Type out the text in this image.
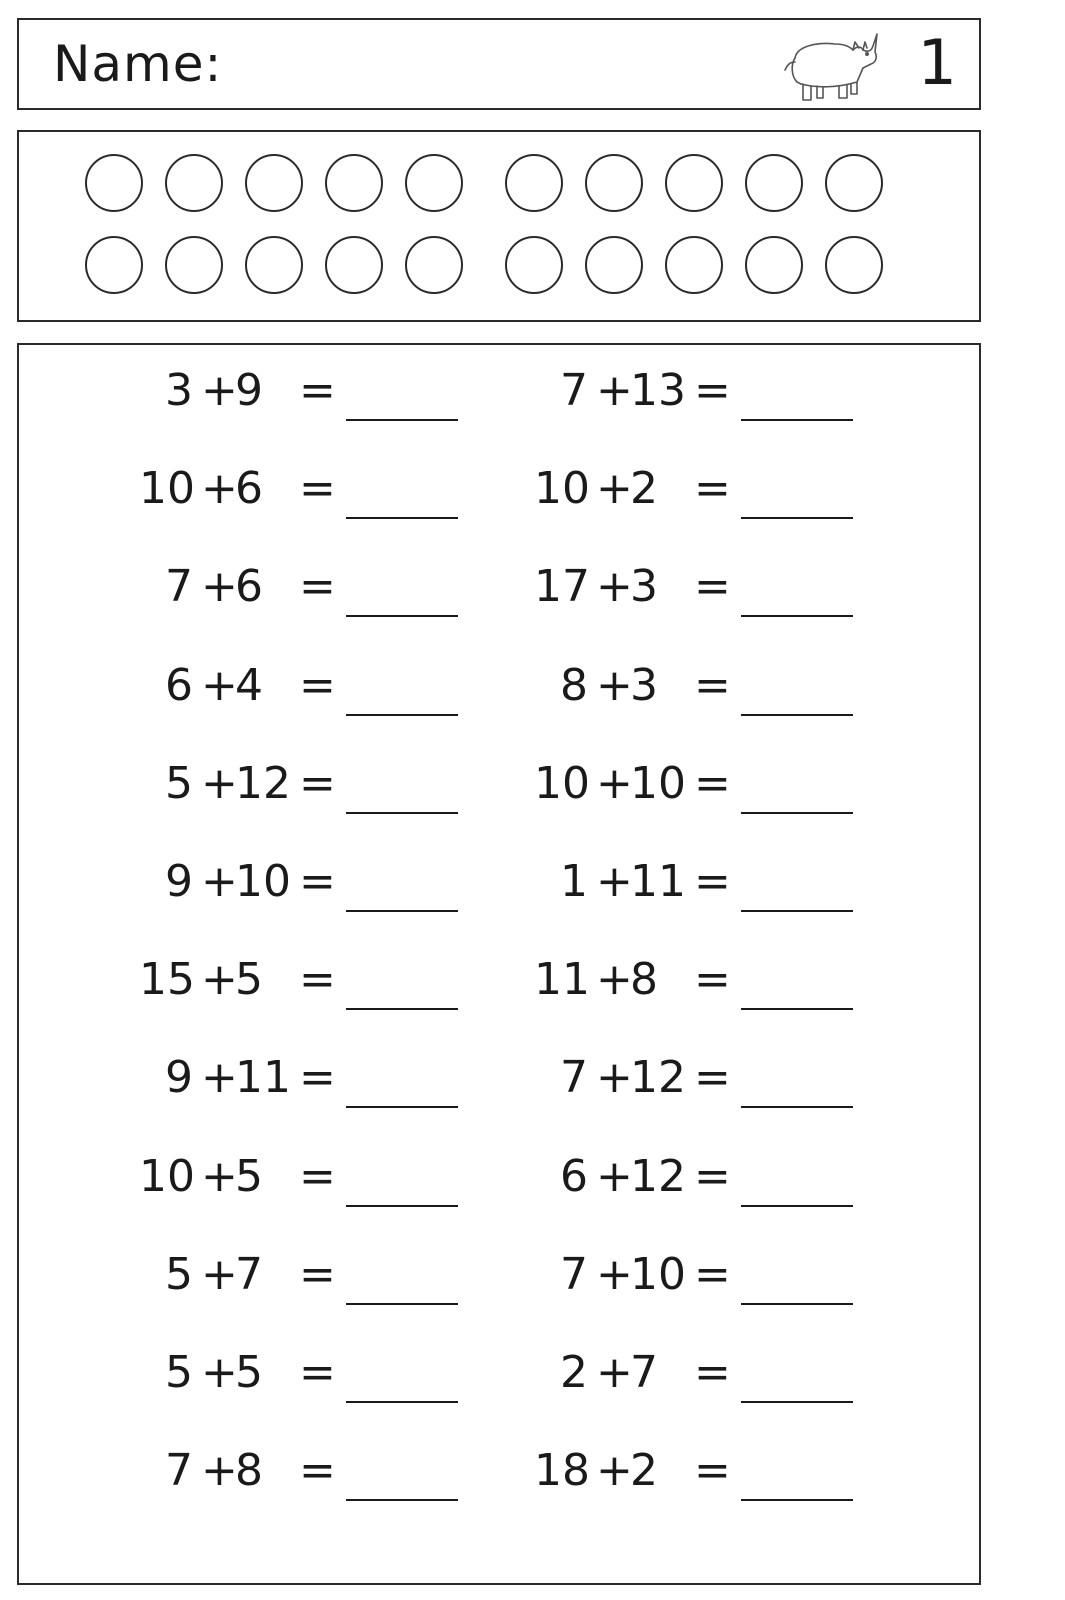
Name:	1
3 +
9 =
10 +
6 =
7 +
6 =
6 +
4 =
5 +
12 =
9 +
10 =
15 +
5 =
9 +
11 =
10 +
5 =
5 +
7 =
5 +
5 =
7 +
8 =
7 +
13 =
10 +
2 =
17 +
3 =
8 +
3 =
10 +
10 =
1 +
11 =
11 +
8 =
7 +
12 =
6 +
12 =
7 +
10 =
2 +
7 =
18 +
2 =
